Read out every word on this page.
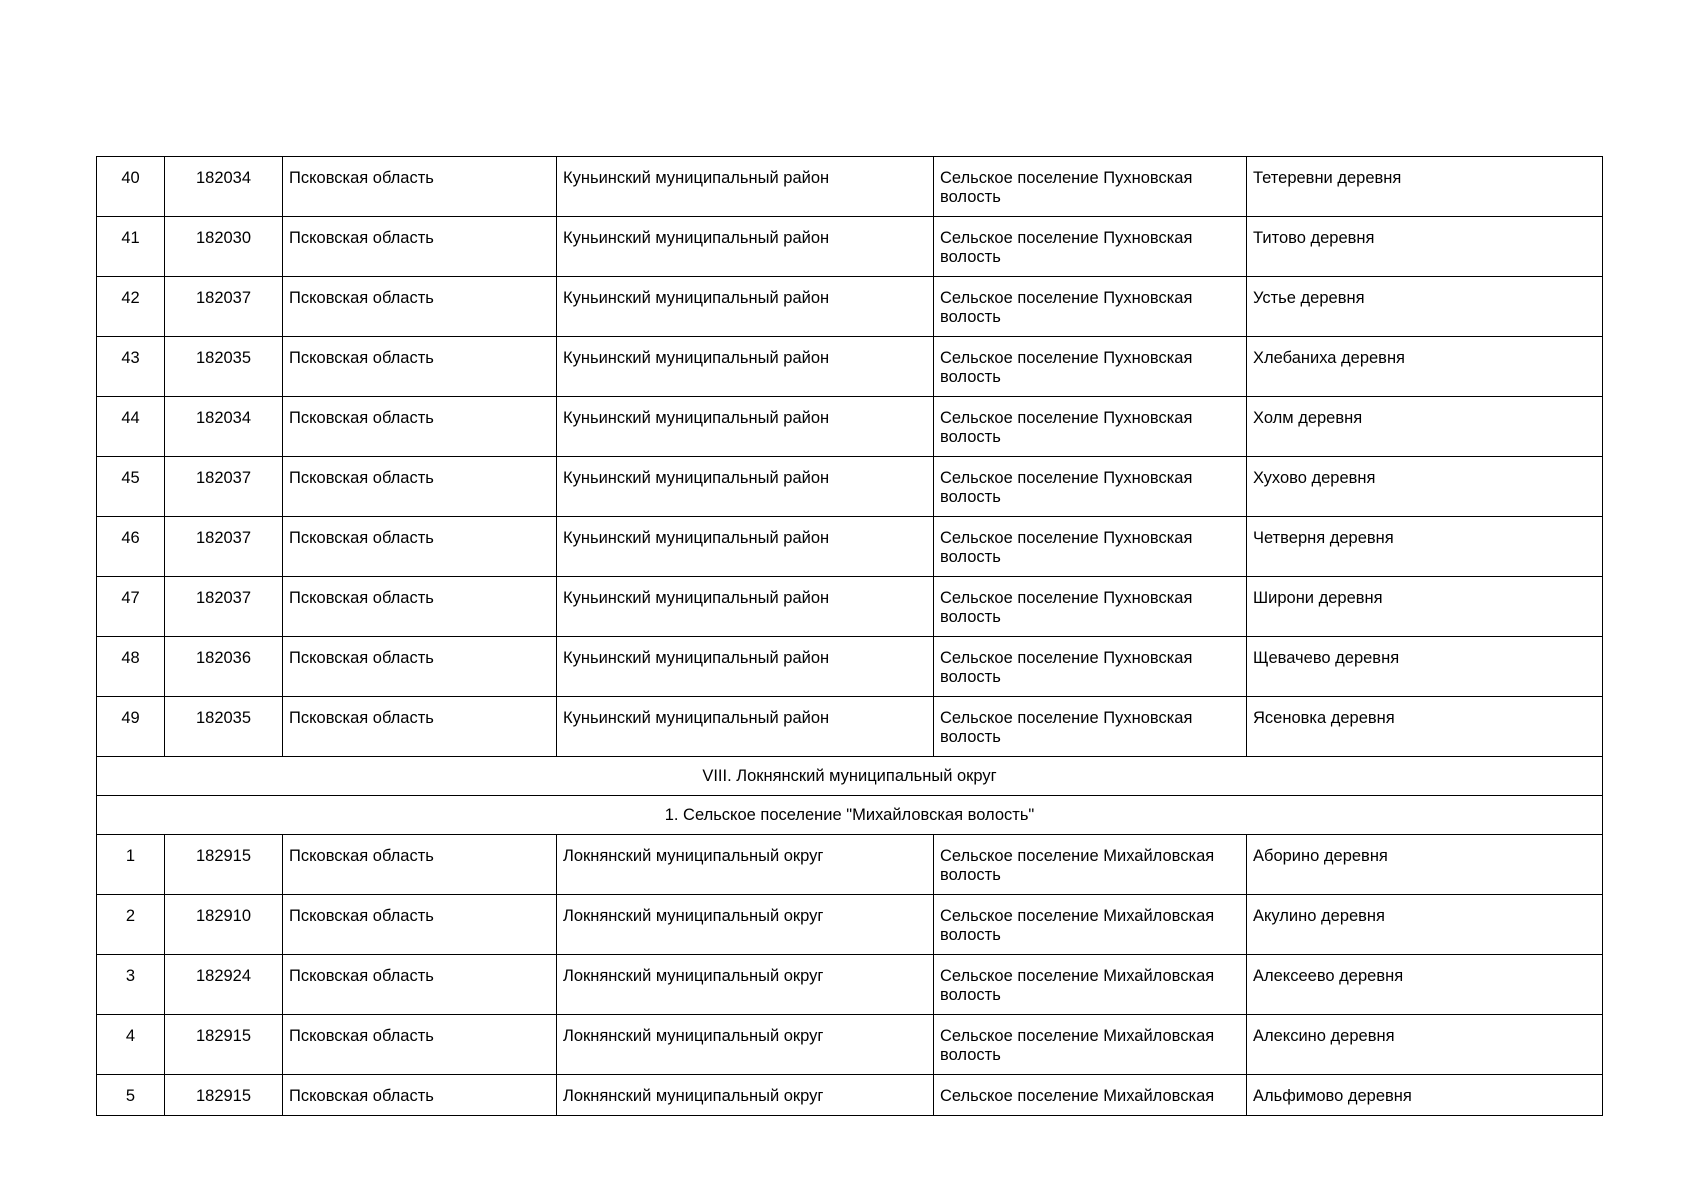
40	182034	Псковская область	Куньинский муниципальный район	Сельское поселение Пухновская волость	Тетеревни деревня
41	182030	Псковская область	Куньинский муниципальный район	Сельское поселение Пухновская волость	Титово деревня
42	182037	Псковская область	Куньинский муниципальный район	Сельское поселение Пухновская волость	Устье деревня
43	182035	Псковская область	Куньинский муниципальный район	Сельское поселение Пухновская волость	Хлебаниха деревня
44	182034	Псковская область	Куньинский муниципальный район	Сельское поселение Пухновская волость	Холм деревня
45	182037	Псковская область	Куньинский муниципальный район	Сельское поселение Пухновская волость	Хухово деревня
46	182037	Псковская область	Куньинский муниципальный район	Сельское поселение Пухновская волость	Четверня деревня
47	182037	Псковская область	Куньинский муниципальный район	Сельское поселение Пухновская волость	Широни деревня
48	182036	Псковская область	Куньинский муниципальный район	Сельское поселение Пухновская волость	Щевачево деревня
49	182035	Псковская область	Куньинский муниципальный район	Сельское поселение Пухновская волость	Ясеновка деревня
VIII. Локнянский муниципальный округ					
1. Сельское поселение "Михайловская волость"					
1	182915	Псковская область	Локнянский муниципальный округ	Сельское поселение Михайловская волость	Аборино деревня
2	182910	Псковская область	Локнянский муниципальный округ	Сельское поселение Михайловская волость	Акулино деревня
3	182924	Псковская область	Локнянский муниципальный округ	Сельское поселение Михайловская волость	Алексеево деревня
4	182915	Псковская область	Локнянский муниципальный округ	Сельское поселение Михайловская волость	Алексино деревня
5	182915	Псковская область	Локнянский муниципальный округ	Сельское поселение Михайловская	Альфимово деревня
